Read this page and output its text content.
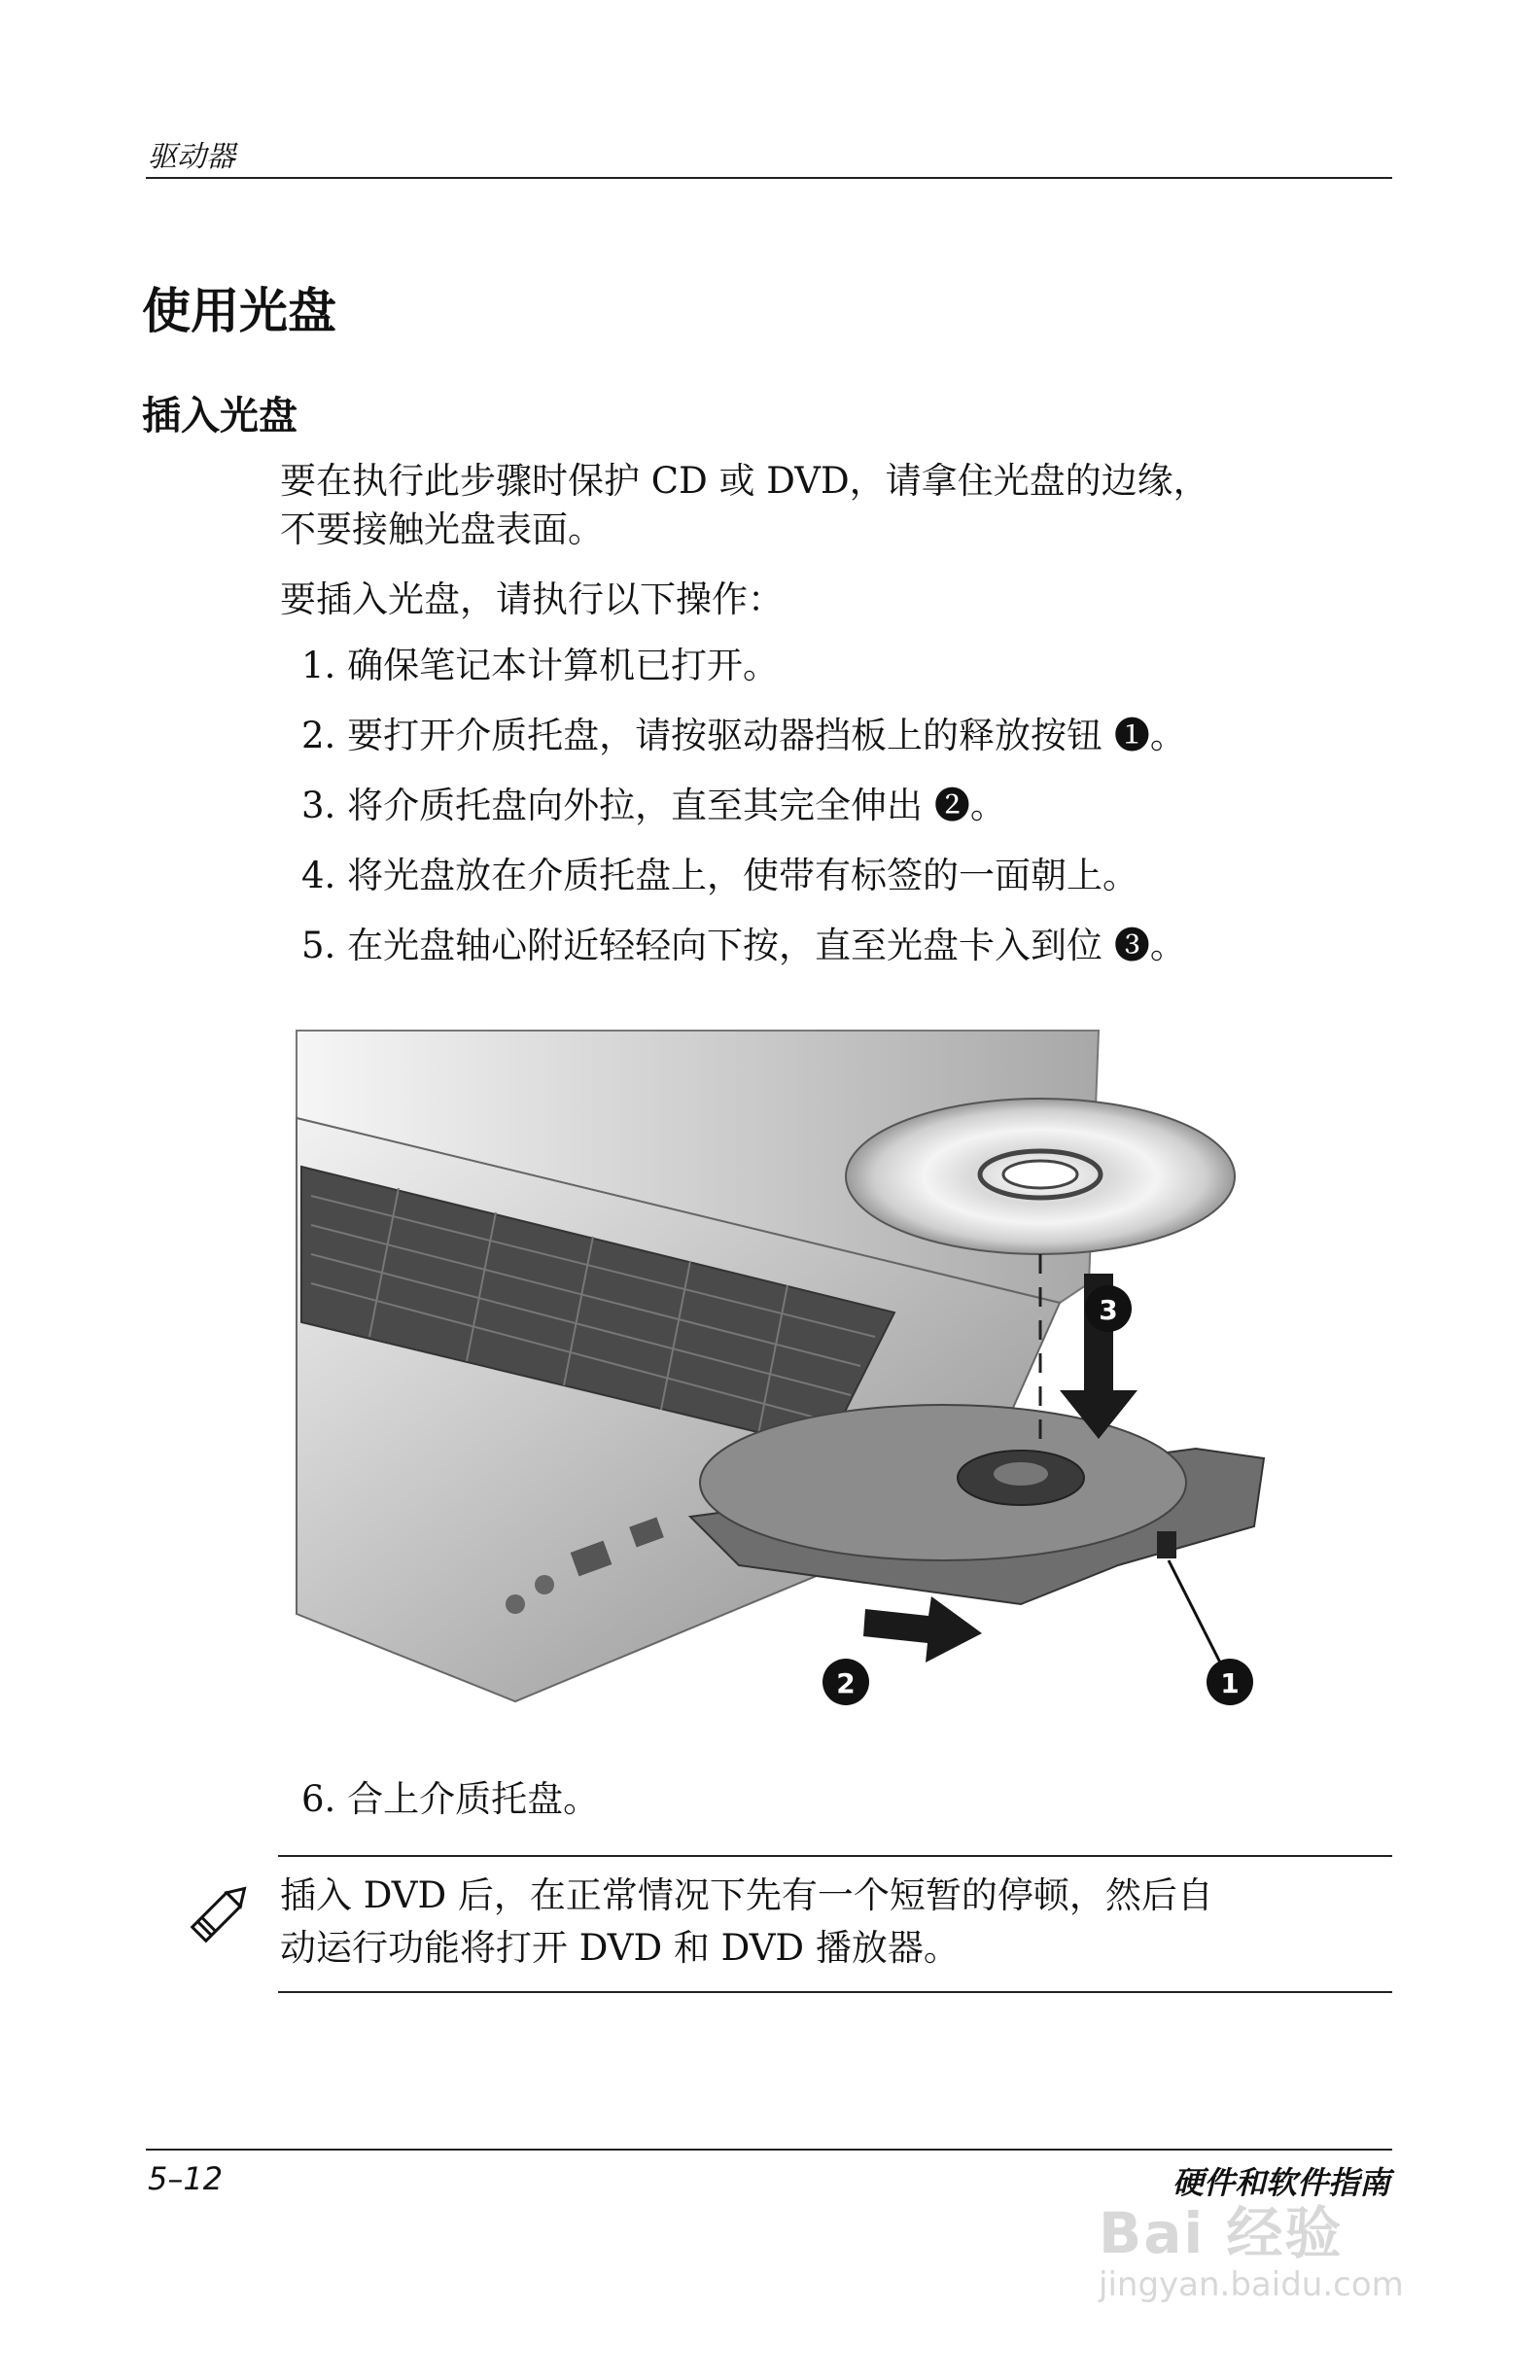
驱动器
使用光盘
插入光盘
要在执行此步骤时保护 CD 或 DVD，请拿住光盘的边缘，
不要接触光盘表面。
要插入光盘，请执行以下操作：
1. 确保笔记本计算机已打开。
2. 要打开介质托盘，请按驱动器挡板上的释放按钮 ❶。
3. 将介质托盘向外拉，直至其完全伸出 ❷。
4. 将光盘放在介质托盘上，使带有标签的一面朝上。
5. 在光盘轴心附近轻轻向下按，直至光盘卡入到位 ❸。
1
2
3
6. 合上介质托盘。
插入 DVD 后，在正常情况下先有一个短暂的停顿，然后自
动运行功能将打开 DVD 和 DVD 播放器。
5–12	硬件和软件指南
Bai 经验
jingyan.baidu.com
